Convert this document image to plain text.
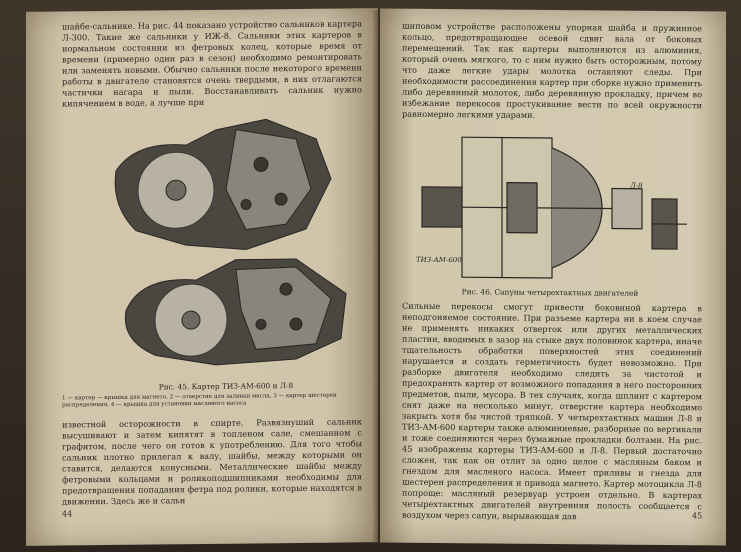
шайбе-сальнике. На рис. 44 показано устройство сальников картера Л-300. Такие же сальники у ИЖ-8. Сальники этих картеров в нормальном состоянии из фетровых колец, которые время от времени (примерно один раз в сезон) необходимо ремонтировать или заменять новыми. Обычно сальники после некоторого времени работы в двигателе становятся очень твердыми, в них отлагаются частички нагара и пыли. Восстанавливать сальник нужно кипячением в воде, а лучше при
Рис. 45. Картер ТИЗ-АМ-600 и Л-8
1 — картер — крышка для магнето, 2 — отверстие для заливки масла, 3 — картер шестерен распределения, 4 — крышка для установки масляного насоса
известной осторожности в спирте. Развязнуший сальник высушивают и затем кипятят в топленом сале, смешанном с графитом, после чего он готов к употреблению. Для того чтобы сальник плотно прилегал к валу, шайбы, между которыми он ставится, делаются конусными. Металлические шайбы между фетровыми кольцами и роликоподшипниками необходимы для предотвращения попадания фетра под ролики, которые находятся в движении. Здесь же и сальн
44
шиповом устройстве расположены упорная шайба и пружинное кольцо, предотвращающее осевой сдвиг вала от боковых перемещений. Так как картеры выполняются из алюминия, который очень мягкого, то с ним нужно быть осторожным, потому что даже легкие удары молотка оставляют следы. При необходимости рассоединения картер при сборке нужно применить либо деревянный молоток, либо деревянную прокладку, причем во избежание перекосов простукивание вести по всей окружности равномерно легкими ударами.
ТИЗ-АМ-600
Л-8
Рис. 46. Сапуны четырехтактных двигателей
Сильные перекосы смогут привести боковиной картера в неподгоняемое состояние. При разъеме картера ни в коем случае не применять никаких отверток или других металлических пластин, вводимых в зазор на стыке двух половинок картера, иначе тщательность обработки поверхностей этих соединений нарушается и создать герметичность будет невозможно. При разборке двигателя необходимо следить за чистотой и предохранять картер от возможного попадания в него посторонних предметов, пыли, мусора. В тех случаях, когда шплинт с картером снят даже на несколько минут, отверстие картера необходимо закрыть хотя бы чистой тряпкой. У четырехтактных машин Л-8 и ТИЗ-АМ-600 картеры также алюминиевые, разборные по вертикали и тоже соединяются через бумажные прокладки болтами. На рис. 45 изображены картеры ТИЗ-АМ-600 и Л-8. Первый достаточно сложен, так как он отлит за одно целое с масляным баком и гнездом для масленого насоса. Имеет приливы и гнезда для шестерен распределения и привода магнето. Картер мотоцикла Л-8 попроще: масляный резервуар устроен отдельно. В картерах четырехтактных двигателей внутренняя полость сообщается с воздухом через сапун, вырывающая дав	45
